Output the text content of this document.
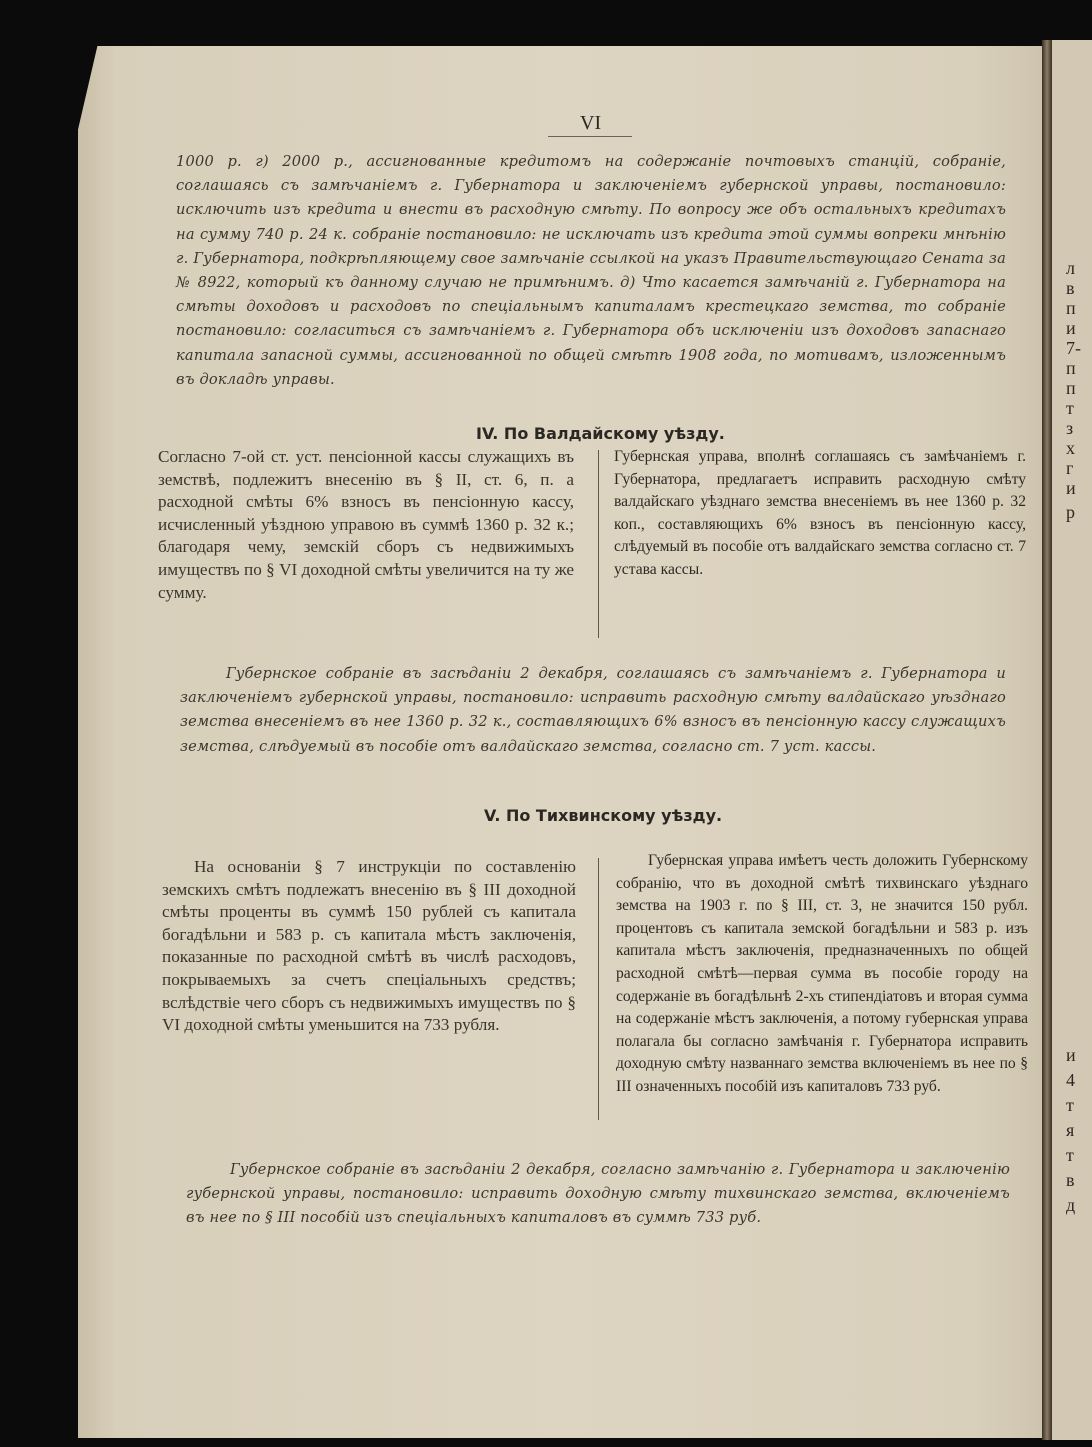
л
в
п
и
7-
п
п
т
з
х
г
и
р
и
4
т
я
т
в
д
VI

1000 р. г) 2000 р., ассигнованные кредитомъ на содержаніе почтовыхъ станцій, собраніе, соглашаясь съ замѣчаніемъ г. Губернатора и заключеніемъ губернской управы, постановило: исключить изъ кредита и внести въ расходную смѣту. По вопросу же объ остальныхъ кредитахъ на сумму 740 р. 24 к. собраніе постановило: не исключать изъ кредита этой суммы вопреки мнѣнію г. Губернатора, подкрѣпляющему свое замѣчаніе ссылкой на указъ Правительствующаго Сената за № 8922, который къ данному случаю не примѣнимъ. д) Что касается замѣчаній г. Губернатора на смѣты доходовъ и расходовъ по спеціальнымъ капиталамъ крестецкаго земства, то собраніе постановило: согласиться съ замѣчаніемъ г. Губернатора объ исключеніи изъ доходовъ запаснаго капитала запасной суммы, ассигнованной по общей смѣтѣ 1908 года, по мотивамъ, изложеннымъ въ докладѣ управы.

IV. По Валдайскому уѣзду.

Согласно 7-ой ст. уст. пенсіонной кассы служащихъ въ земствѣ, подлежитъ внесенію въ § II, ст. 6, п. а расходной смѣты 6% взносъ въ пенсіонную кассу, исчисленный уѣздною управою въ суммѣ 1360 р. 32 к.; благодаря чему, земскій сборъ съ недвижимыхъ имуществъ по § VI доходной смѣты увеличится на ту же сумму.

Губернская управа, вполнѣ соглашаясь съ замѣчаніемъ г. Губернатора, предлагаетъ исправить расходную смѣту валдайскаго уѣзднаго земства внесеніемъ въ нее 1360 р. 32 коп., составляющихъ 6% взносъ въ пенсіонную кассу, слѣдуемый въ пособіе отъ валдайскаго земства согласно ст. 7 устава кассы.

Губернское собраніе въ засѣданіи 2 декабря, соглашаясь съ замѣчаніемъ г. Губернатора и заключеніемъ губернской управы, постановило: исправить расходную смѣту валдайскаго уѣзднаго земства внесеніемъ въ нее 1360 р. 32 к., составляющихъ 6% взносъ въ пенсіонную кассу служащихъ земства, слѣдуемый въ пособіе отъ валдайскаго земства, согласно ст. 7 уст. кассы.

V. По Тихвинскому уѣзду.

На основаніи § 7 инструкціи по составленію земскихъ смѣтъ подлежатъ внесенію въ § III доходной смѣты проценты въ суммѣ 150 рублей съ капитала богадѣльни и 583 р. съ капитала мѣстъ заключенія, показанные по расходной смѣтѣ въ числѣ расходовъ, покрываемыхъ за счетъ спеціальныхъ средствъ; вслѣдствіе чего сборъ съ недвижимыхъ имуществъ по § VI доходной смѣты уменьшится на 733 рубля.

Губернская управа имѣетъ честь доложить Губернскому собранію, что въ доходной смѣтѣ тихвинскаго уѣзднаго земства на 1903 г. по § III, ст. 3, не значится 150 рубл. процентовъ съ капитала земской богадѣльни и 583 р. изъ капитала мѣстъ заключенія, предназначенныхъ по общей расходной смѣтѣ—первая сумма въ пособіе городу на содержаніе въ богадѣльнѣ 2-хъ стипендіатовъ и вторая сумма на содержаніе мѣстъ заключенія, а потому губернская управа полагала бы согласно замѣчанія г. Губернатора исправить доходную смѣту названнаго земства включеніемъ въ нее по § III означенныхъ пособій изъ капиталовъ 733 руб.

Губернское собраніе въ засѣданіи 2 декабря, согласно замѣчанію г. Губернатора и заключенію губернской управы, постановило: исправить доходную смѣту тихвинскаго земства, включеніемъ въ нее по § III пособій изъ спеціальныхъ капиталовъ въ суммѣ 733 руб.
